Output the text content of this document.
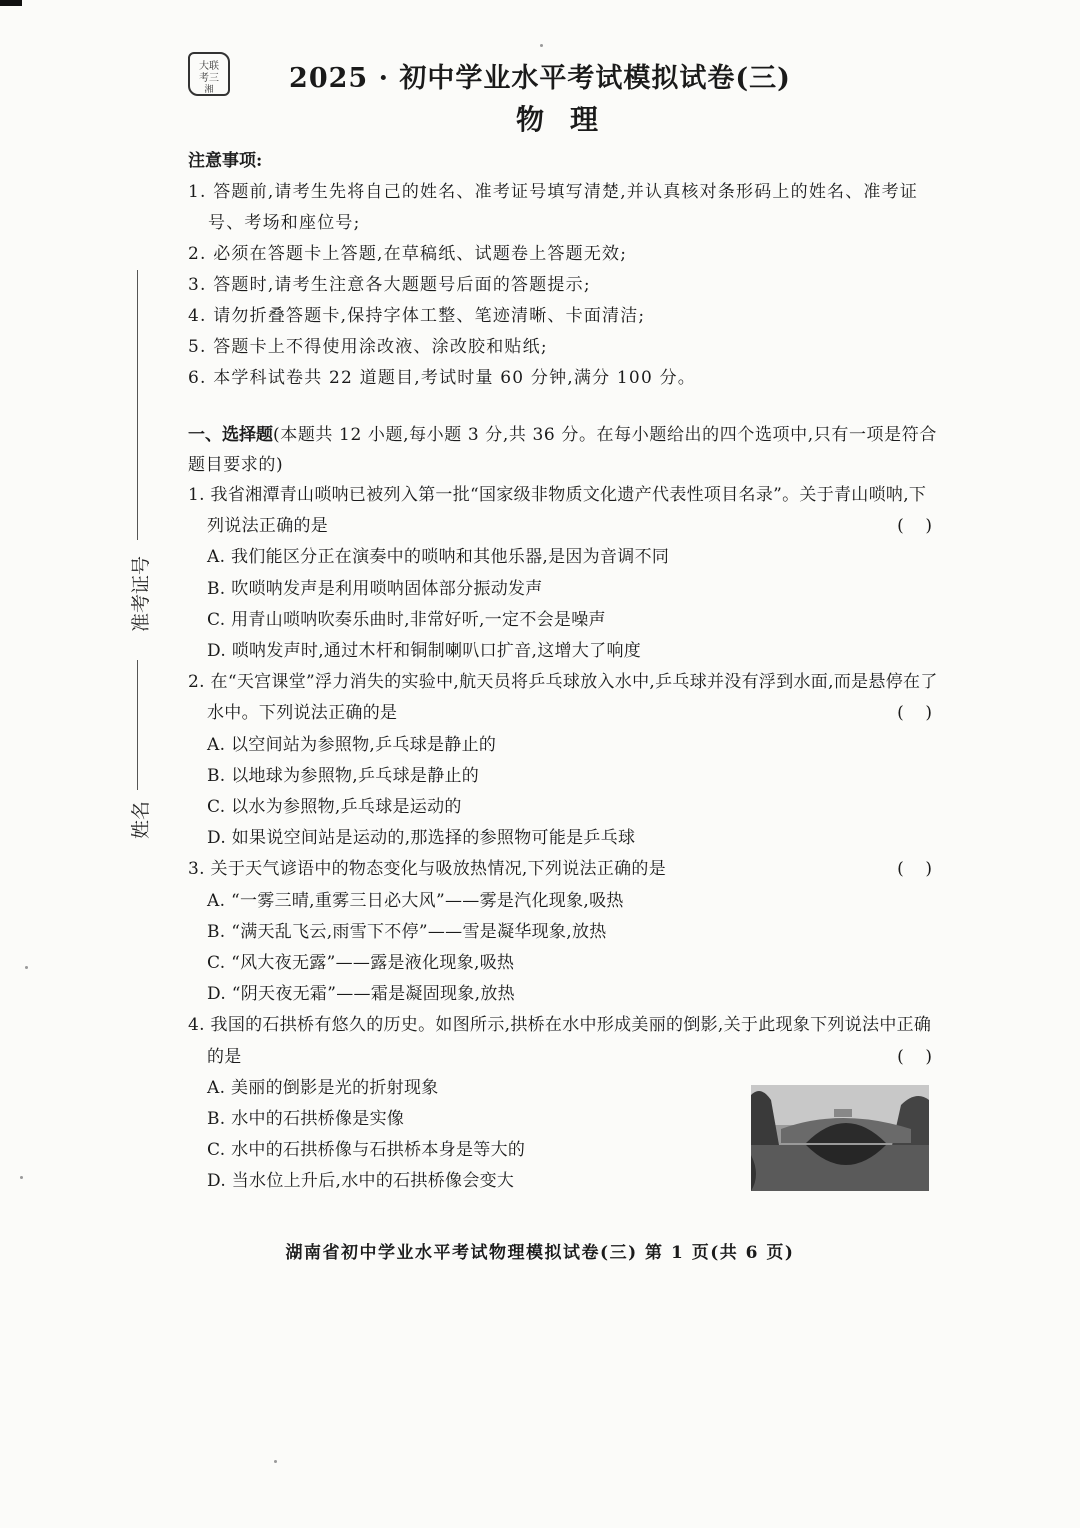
大联
考三
湘	2025 · 初中学业水平考试模拟试卷(三)
物理
注意事项:
1. 答题前,请考生先将自己的姓名、准考证号填写清楚,并认真核对条形码上的姓名、准考证号、考场和座位号;
2. 必须在答题卡上答题,在草稿纸、试题卷上答题无效;
3. 答题时,请考生注意各大题题号后面的答题提示;
4. 请勿折叠答题卡,保持字体工整、笔迹清晰、卡面清洁;
5. 答题卡上不得使用涂改液、涂改胶和贴纸;
6. 本学科试卷共 22 道题目,考试时量 60 分钟,满分 100 分。
准考证号
姓名
一、选择题(本题共 12 小题,每小题 3 分,共 36 分。在每小题给出的四个选项中,只有一项是符合题目要求的)
1. 我省湘潭青山唢呐已被列入第一批“国家级非物质文化遗产代表性项目名录”。关于青山唢呐,下列说法正确的是	(    )
A. 我们能区分正在演奏中的唢呐和其他乐器,是因为音调不同
B. 吹唢呐发声是利用唢呐固体部分振动发声
C. 用青山唢呐吹奏乐曲时,非常好听,一定不会是噪声
D. 唢呐发声时,通过木杆和铜制喇叭口扩音,这增大了响度
2. 在“天宫课堂”浮力消失的实验中,航天员将乒乓球放入水中,乒乓球并没有浮到水面,而是悬停在了水中。下列说法正确的是	(    )
A. 以空间站为参照物,乒乓球是静止的
B. 以地球为参照物,乒乓球是静止的
C. 以水为参照物,乒乓球是运动的
D. 如果说空间站是运动的,那选择的参照物可能是乒乓球
3. 关于天气谚语中的物态变化与吸放热情况,下列说法正确的是	(    )
A. “一雾三晴,重雾三日必大风”——雾是汽化现象,吸热
B. “满天乱飞云,雨雪下不停”——雪是凝华现象,放热
C. “风大夜无露”——露是液化现象,吸热
D. “阴天夜无霜”——霜是凝固现象,放热
4. 我国的石拱桥有悠久的历史。如图所示,拱桥在水中形成美丽的倒影,关于此现象下列说法中正确的是	(    )
A. 美丽的倒影是光的折射现象
B. 水中的石拱桥像是实像
C. 水中的石拱桥像与石拱桥本身是等大的
D. 当水位上升后,水中的石拱桥像会变大
湖南省初中学业水平考试物理模拟试卷(三) 第 1 页(共 6 页)
